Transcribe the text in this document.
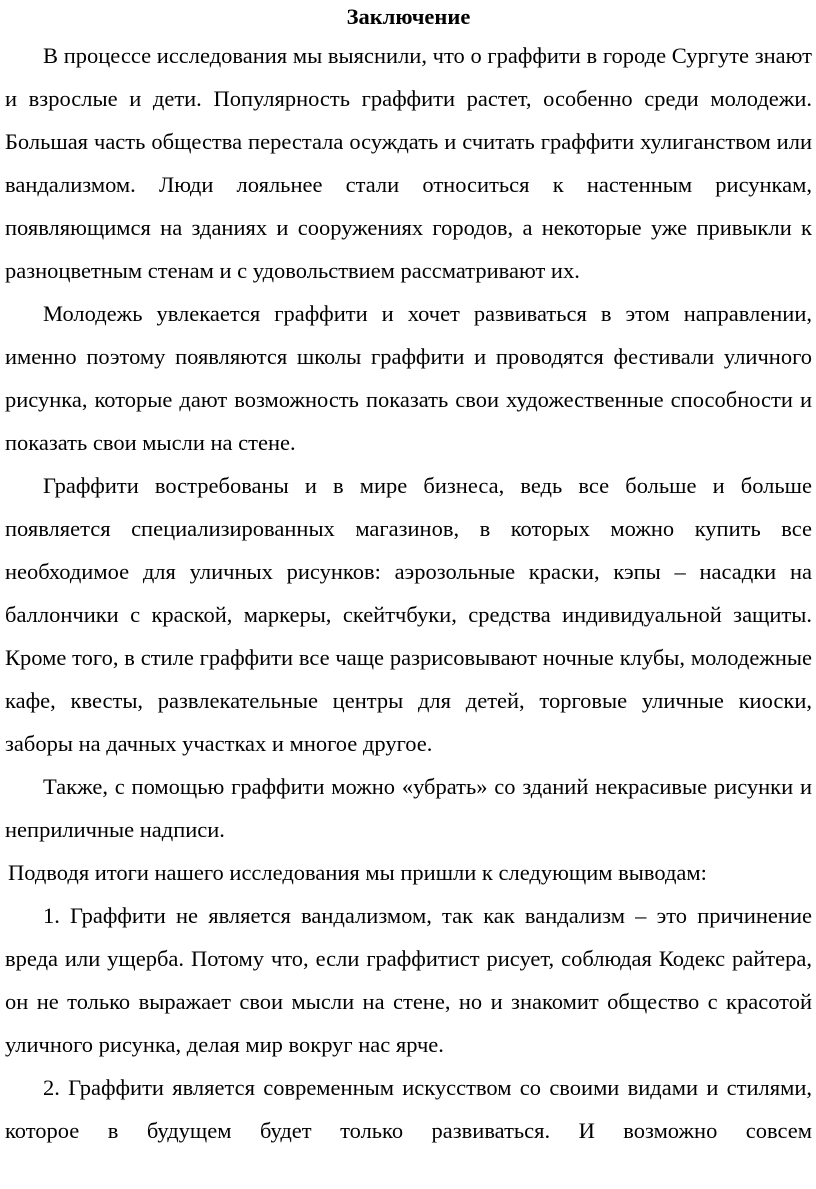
Заключение

В процессе исследования мы выяснили, что о граффити в городе Сургуте знают и взрослые и дети. Популярность граффити растет, особенно среди молодежи. Большая часть общества перестала осуждать и считать граффити хулиганством или вандализмом. Люди лояльнее стали относиться к настенным рисункам, появляющимся на зданиях и сооружениях городов, а некоторые уже привыкли к разноцветным стенам и с удовольствием рассматривают их.

Молодежь увлекается граффити и хочет развиваться в этом направлении, именно поэтому появляются школы граффити и проводятся фестивали уличного рисунка, которые дают возможность показать свои художественные способности и показать свои мысли на стене.

Граффити востребованы и в мире бизнеса, ведь все больше и больше появляется специализированных магазинов, в которых можно купить все необходимое для уличных рисунков: аэрозольные краски, кэпы – насадки на баллончики с краской, маркеры, скейтчбуки, средства индивидуальной защиты. Кроме того, в стиле граффити все чаще разрисовывают ночные клубы, молодежные кафе, квесты, развлекательные центры для детей, торговые уличные киоски, заборы на дачных участках и многое другое.

Также, с помощью граффити можно «убрать» со зданий некрасивые рисунки и неприличные надписи.

Подводя итоги нашего исследования мы пришли к следующим выводам:

1. Граффити не является вандализмом, так как вандализм – это причинение вреда или ущерба. Потому что, если граффитист рисует, соблюдая Кодекс райтера, он не только выражает свои мысли на стене, но и знакомит общество с красотой уличного рисунка, делая мир вокруг нас ярче.

2. Граффити является современным искусством со своими видами и стилями, которое в будущем будет только развиваться. И возможно совсем
